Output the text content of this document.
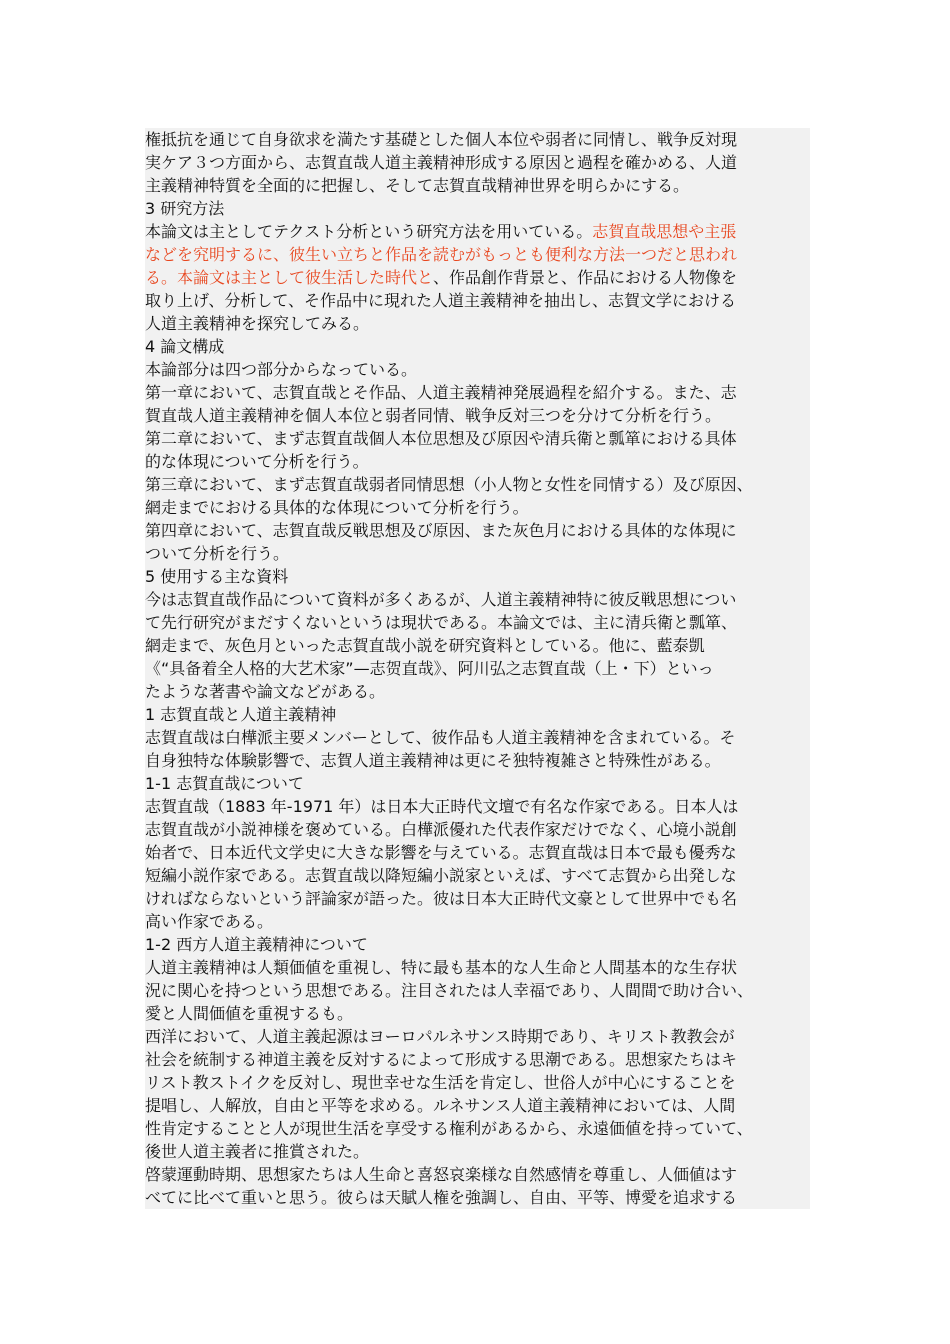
権抵抗を通じて自身欲求を満たす基礎とした個人本位や弱者に同情し、戦争反対現
実ケア３つ方面から、志賀直哉人道主義精神形成する原因と過程を確かめる、人道
主義精神特質を全面的に把握し、そして志賀直哉精神世界を明らかにする。
3 研究方法
本論文は主としてテクスト分析という研究方法を用いている。志賀直哉思想や主張
などを究明するに、彼生い立ちと作品を読むがもっとも便利な方法一つだと思われ
る。本論文は主として彼生活した時代と、作品創作背景と、作品における人物像を
取り上げ、分析して、そ作品中に現れた人道主義精神を抽出し、志賀文学における
人道主義精神を探究してみる。
4 論文構成
本論部分は四つ部分からなっている。
第一章において、志賀直哉とそ作品、人道主義精神発展過程を紹介する。また、志
賀直哉人道主義精神を個人本位と弱者同情、戦争反対三つを分けて分析を行う。
第二章において、まず志賀直哉個人本位思想及び原因や清兵衛と瓢箪における具体
的な体現について分析を行う。
第三章において、まず志賀直哉弱者同情思想（小人物と女性を同情する）及び原因、
網走までにおける具体的な体現について分析を行う。
第四章において、志賀直哉反戦思想及び原因、また灰色月における具体的な体現に
ついて分析を行う。
5 使用する主な資料
今は志賀直哉作品について資料が多くあるが、人道主義精神特に彼反戦思想につい
て先行研究がまだすくないというは現状である。本論文では、主に清兵衛と瓢箪、
網走まで、灰色月といった志賀直哉小説を研究資料としている。他に、藍泰凱
《“具备着全人格的大艺术家”—志贺直哉》、阿川弘之志賀直哉（上・下）といっ
たような著書や論文などがある。
1 志賀直哉と人道主義精神
志賀直哉は白樺派主要メンバーとして、彼作品も人道主義精神を含まれている。そ
自身独特な体験影響で、志賀人道主義精神は更にそ独特複雑さと特殊性がある。
1-1 志賀直哉について
志賀直哉（1883 年-1971 年）は日本大正時代文壇で有名な作家である。日本人は
志賀直哉が小説神様を褒めている。白樺派優れた代表作家だけでなく、心境小説創
始者で、日本近代文学史に大きな影響を与えている。志賀直哉は日本で最も優秀な
短編小説作家である。志賀直哉以降短編小説家といえば、すべて志賀から出発しな
ければならないという評論家が語った。彼は日本大正時代文豪として世界中でも名
高い作家である。
1-2 西方人道主義精神について
人道主義精神は人類価値を重視し、特に最も基本的な人生命と人間基本的な生存状
況に関心を持つという思想である。注目されたは人幸福であり、人間間で助け合い、
愛と人間価値を重視するも。
西洋において、人道主義起源はヨーロパルネサンス時期であり、キリスト教教会が
社会を統制する神道主義を反対するによって形成する思潮である。思想家たちはキ
リスト教ストイクを反対し、現世幸せな生活を肯定し、世俗人が中心にすることを
提唱し、人解放，自由と平等を求める。ルネサンス人道主義精神においては、人間
性肯定することと人が現世生活を享受する権利があるから、永遠価値を持っていて、
後世人道主義者に推賞された。
啓蒙運動時期、思想家たちは人生命と喜怒哀楽様な自然感情を尊重し、人価値はす
べてに比べて重いと思う。彼らは天賦人権を強調し、自由、平等、博愛を追求する
